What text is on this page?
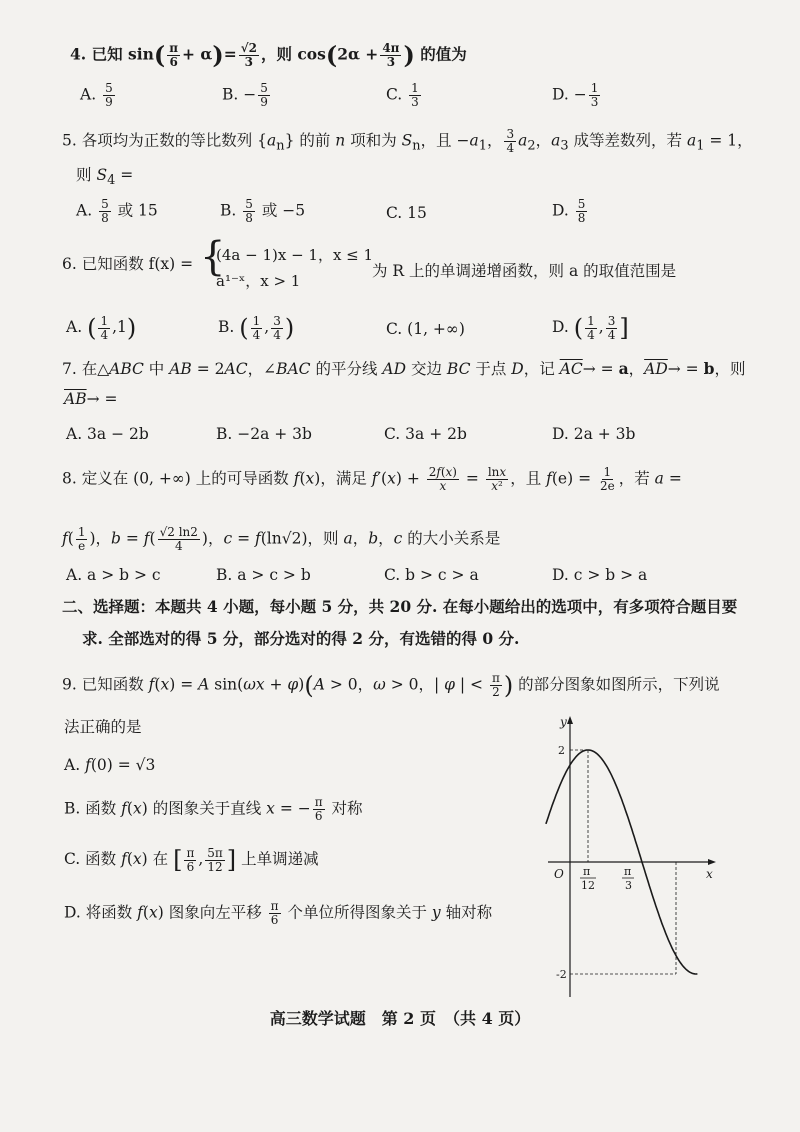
4. 已知 $\sin( \frac{\pi}{6} + \alpha)= \frac{√2}{3}$ ，则 $\cos(2\alpha + \frac{4\pi}{3}$ ) 的值为
A. $\frac{5}{9}$	B. − $\frac{5}{9}$	C. $\frac{1}{3}$	D. − $\frac{1}{3}$
5. 各项均为正数的等比数列 $\{a_n\}$ 的前 n 项和为 $S_n$，且 $-a_1$， $\frac{3}{4} a_2$，$a_3$ 成等差数列，若 $a_1 = 1$，
则 $S_4$ =
A. $\frac{5}{8}$ 或 15	B. $\frac{5}{8}$ 或 −5	C. 15	D. $\frac{5}{8}$
6. 已知函数 f(x) = {
(4a − 1)x − 1，x ≤ 1
a¹⁻ˣ，x > 1
为 R 上的单调递增函数，则 a 的取值范围是
A. ( $\frac{1}{4} ,1$)	B. ( $\frac{1}{4}$ , $\frac{3}{4}$ )	C. (1, +∞)	D. ( $\frac{1}{4}$ , $\frac{3}{4}$ ]
7. 在△ABC 中 AB = 2AC，∠BAC 的平分线 AD 交边 BC 于点 D，记 $\overline{AC}\to = a$，$\overline{AD}\to = b$，则
$\overline{AB}\to$ =
A. 3a − 2b	B. −2a + 3b	C. 3a + 2b	D. 2a + 3b
8. 定义在 (0, +∞) 上的可导函数 f(x)，满足 $f'(x) + \frac{2f(x)}{x} = \frac{\ln x}{\text{x²}}$ ，且 $f(e) = \frac{1}{2e}$ ，若 a =
$f( \frac{1}{e}$ )，$b = f( \frac{√2 \ln 2}{4}$ )，c = f(ln√2)，则 a，b，c 的大小关系是
A. a > b > c	B. a > c > b	C. b > c > a	D. c > b > a
二、选择题：本题共 4 小题，每小题 5 分，共 20 分. 在每小题给出的选项中，有多项符合题目要
求. 全部选对的得 5 分，部分选对的得 2 分，有选错的得 0 分.
9. 已知函数 f(x) = A sin(ωx + φ)(A > 0，ω > 0，| φ | < $\frac{\pi}{2}$ ) 的部分图象如图所示，下列说
法正确的是
A. f(0) = √3
B. 函数 f(x) 的图象关于直线 x = − $\frac{\pi}{6}$ 对称
C. 函数 f(x) 在 [ $\frac{\pi}{6}$ , $\frac{5\pi}{12}$ ] 上单调递减
D. 将函数 f(x) 图象向左平移 $\frac{\pi}{6}$ 个单位所得图象关于 y 轴对称
y
x
O
2
-2
π
12
π
3
高三数学试题　第 2 页　（共 4 页）
